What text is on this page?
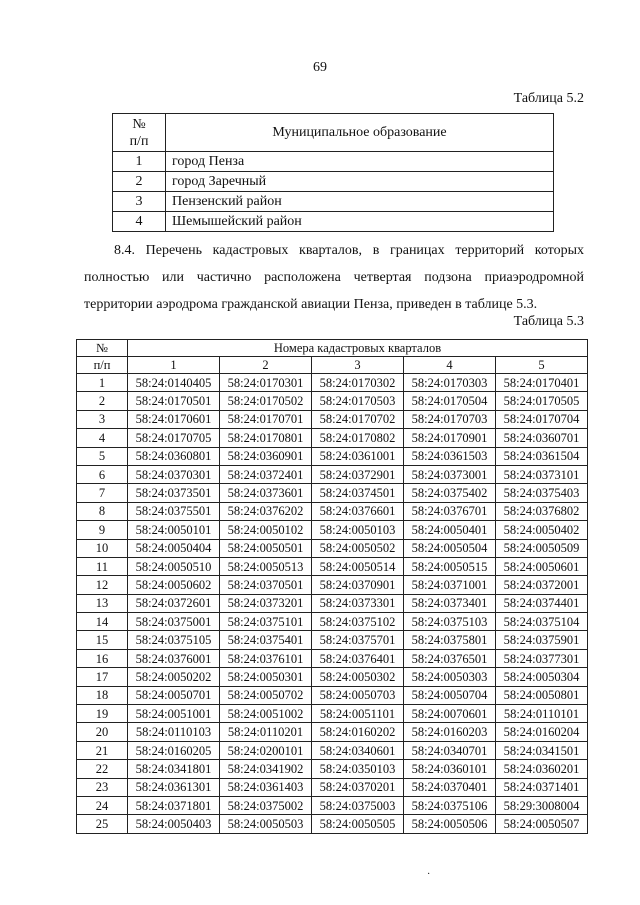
69
Таблица 5.2
№
п/п	Муниципальное образование
1	город Пенза
2	город Заречный
3	Пензенский район
4	Шемышейский район
8.4. Перечень кадастровых кварталов, в границах территорий которых полностью или частично расположена четвертая подзона приаэродромной территории аэродрома гражданской авиации Пенза, приведен в таблице 5.3.
Таблица 5.3
№	Номера кадастровых кварталов				
п/п	1	2	3	4	5
1	58:24:0140405	58:24:0170301	58:24:0170302	58:24:0170303	58:24:0170401
2	58:24:0170501	58:24:0170502	58:24:0170503	58:24:0170504	58:24:0170505
3	58:24:0170601	58:24:0170701	58:24:0170702	58:24:0170703	58:24:0170704
4	58:24:0170705	58:24:0170801	58:24:0170802	58:24:0170901	58:24:0360701
5	58:24:0360801	58:24:0360901	58:24:0361001	58:24:0361503	58:24:0361504
6	58:24:0370301	58:24:0372401	58:24:0372901	58:24:0373001	58:24:0373101
7	58:24:0373501	58:24:0373601	58:24:0374501	58:24:0375402	58:24:0375403
8	58:24:0375501	58:24:0376202	58:24:0376601	58:24:0376701	58:24:0376802
9	58:24:0050101	58:24:0050102	58:24:0050103	58:24:0050401	58:24:0050402
10	58:24:0050404	58:24:0050501	58:24:0050502	58:24:0050504	58:24:0050509
11	58:24:0050510	58:24:0050513	58:24:0050514	58:24:0050515	58:24:0050601
12	58:24:0050602	58:24:0370501	58:24:0370901	58:24:0371001	58:24:0372001
13	58:24:0372601	58:24:0373201	58:24:0373301	58:24:0373401	58:24:0374401
14	58:24:0375001	58:24:0375101	58:24:0375102	58:24:0375103	58:24:0375104
15	58:24:0375105	58:24:0375401	58:24:0375701	58:24:0375801	58:24:0375901
16	58:24:0376001	58:24:0376101	58:24:0376401	58:24:0376501	58:24:0377301
17	58:24:0050202	58:24:0050301	58:24:0050302	58:24:0050303	58:24:0050304
18	58:24:0050701	58:24:0050702	58:24:0050703	58:24:0050704	58:24:0050801
19	58:24:0051001	58:24:0051002	58:24:0051101	58:24:0070601	58:24:0110101
20	58:24:0110103	58:24:0110201	58:24:0160202	58:24:0160203	58:24:0160204
21	58:24:0160205	58:24:0200101	58:24:0340601	58:24:0340701	58:24:0341501
22	58:24:0341801	58:24:0341902	58:24:0350103	58:24:0360101	58:24:0360201
23	58:24:0361301	58:24:0361403	58:24:0370201	58:24:0370401	58:24:0371401
24	58:24:0371801	58:24:0375002	58:24:0375003	58:24:0375106	58:29:3008004
25	58:24:0050403	58:24:0050503	58:24:0050505	58:24:0050506	58:24:0050507
·
